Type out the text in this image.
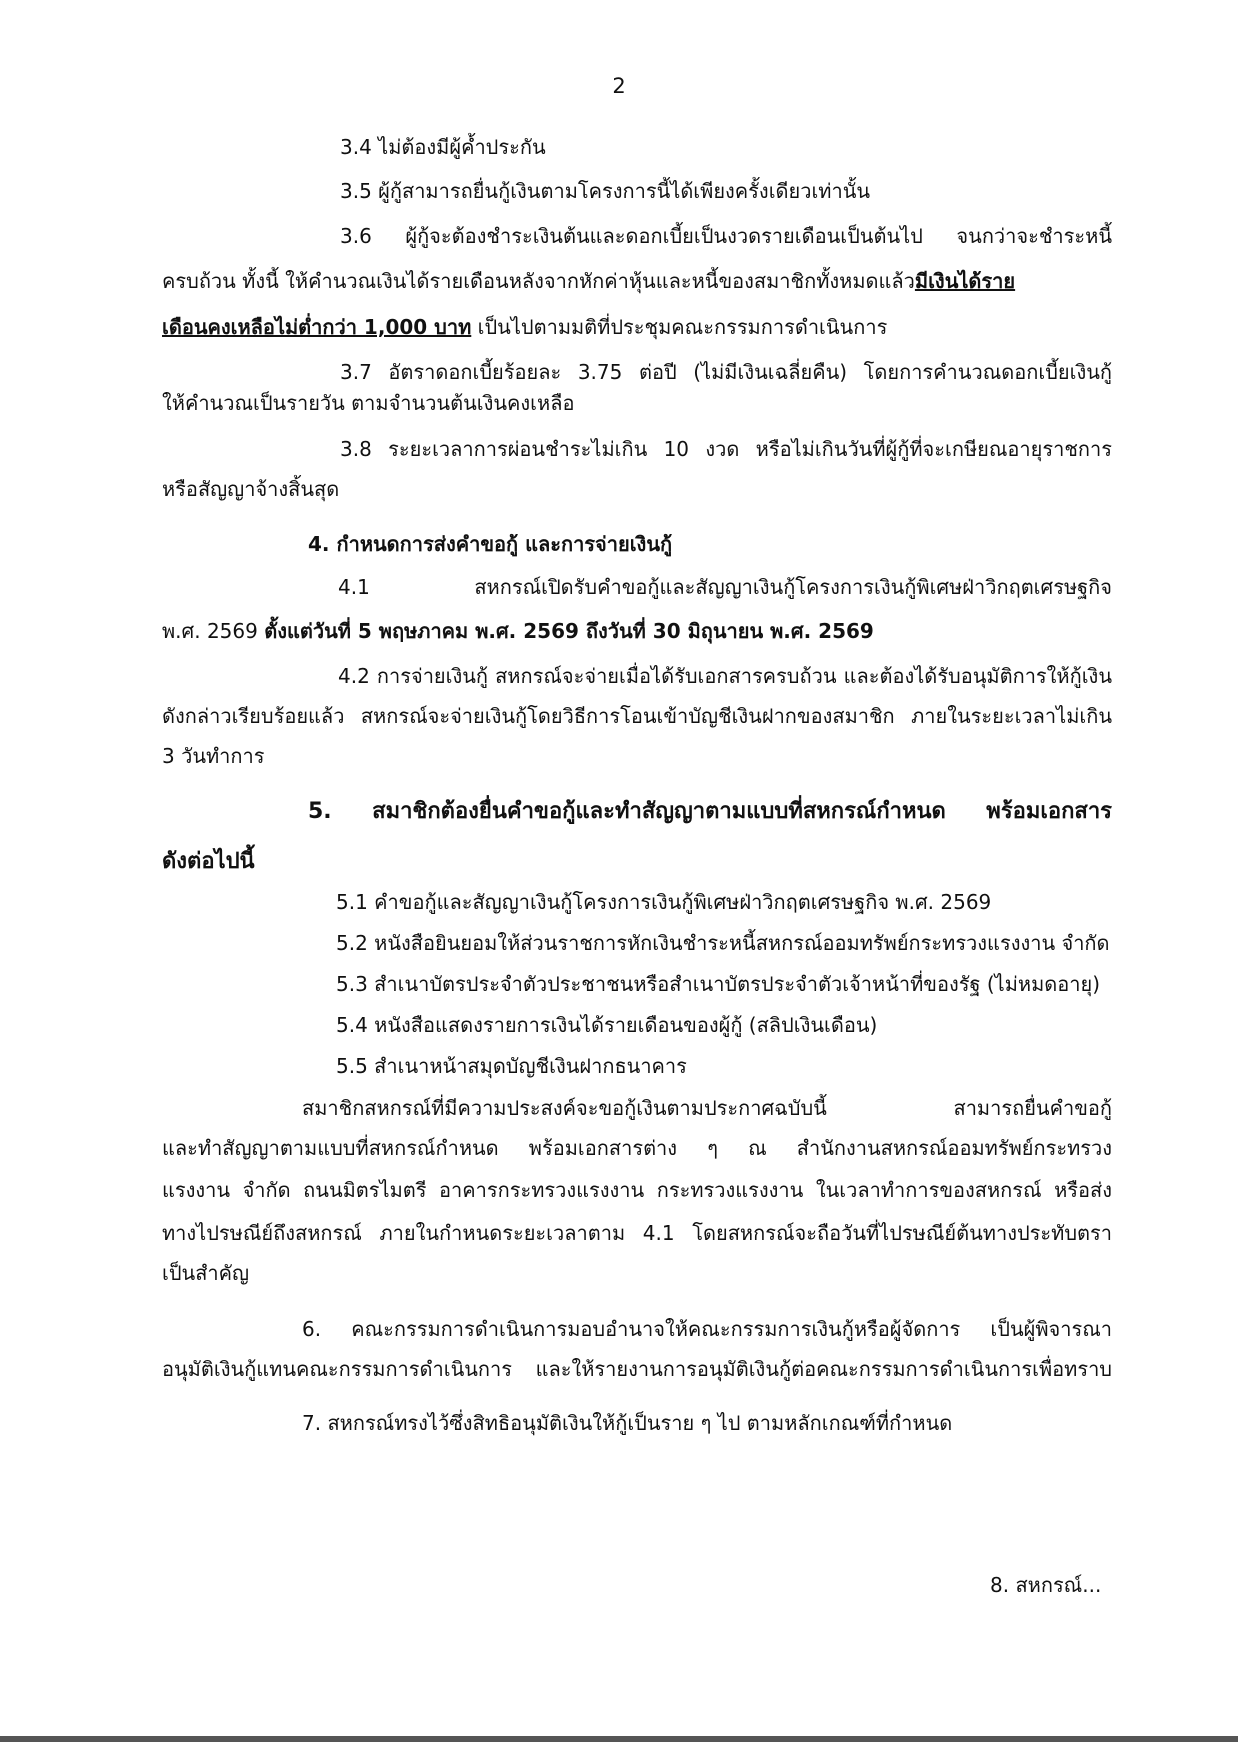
2
3.4 ไม่ต้องมีผู้ค้ำประกัน
3.5 ผู้กู้สามารถยื่นกู้เงินตามโครงการนี้ได้เพียงครั้งเดียวเท่านั้น
3.6 ผู้กู้จะต้องชำระเงินต้นและดอกเบี้ยเป็นงวดรายเดือนเป็นต้นไป จนกว่าจะชำระหนี้
ครบถ้วน ทั้งนี้ ให้คำนวณเงินได้รายเดือนหลังจากหักค่าหุ้นและหนี้ของสมาชิกทั้งหมดแล้วมีเงินได้ราย
เดือนคงเหลือไม่ต่ำกว่า 1,000 บาท เป็นไปตามมติที่ประชุมคณะกรรมการดำเนินการ
3.7 อัตราดอกเบี้ยร้อยละ 3.75 ต่อปี (ไม่มีเงินเฉลี่ยคืน) โดยการคำนวณดอกเบี้ยเงินกู้
ให้คำนวณเป็นรายวัน ตามจำนวนต้นเงินคงเหลือ
3.8 ระยะเวลาการผ่อนชำระไม่เกิน 10 งวด หรือไม่เกินวันที่ผู้กู้ที่จะเกษียณอายุราชการ
หรือสัญญาจ้างสิ้นสุด
4. กำหนดการส่งคำขอกู้ และการจ่ายเงินกู้
4.1 สหกรณ์เปิดรับคำขอกู้และสัญญาเงินกู้โครงการเงินกู้พิเศษฝ่าวิกฤตเศรษฐกิจ
พ.ศ. 2569 ตั้งแต่วันที่ 5 พฤษภาคม พ.ศ. 2569 ถึงวันที่ 30 มิถุนายน พ.ศ. 2569
4.2 การจ่ายเงินกู้ สหกรณ์จะจ่ายเมื่อได้รับเอกสารครบถ้วน และต้องได้รับอนุมัติการให้กู้เงิน
ดังกล่าวเรียบร้อยแล้ว สหกรณ์จะจ่ายเงินกู้โดยวิธีการโอนเข้าบัญชีเงินฝากของสมาชิก ภายในระยะเวลาไม่เกิน
3 วันทำการ
5. สมาชิกต้องยื่นคำขอกู้และทำสัญญาตามแบบที่สหกรณ์กำหนด พร้อมเอกสาร
ดังต่อไปนี้
5.1 คำขอกู้และสัญญาเงินกู้โครงการเงินกู้พิเศษฝ่าวิกฤตเศรษฐกิจ พ.ศ. 2569
5.2 หนังสือยินยอมให้ส่วนราชการหักเงินชำระหนี้สหกรณ์ออมทรัพย์กระทรวงแรงงาน จำกัด
5.3 สำเนาบัตรประจำตัวประชาชนหรือสำเนาบัตรประจำตัวเจ้าหน้าที่ของรัฐ (ไม่หมดอายุ)
5.4 หนังสือแสดงรายการเงินได้รายเดือนของผู้กู้ (สลิปเงินเดือน)
5.5 สำเนาหน้าสมุดบัญชีเงินฝากธนาคาร
สมาชิกสหกรณ์ที่มีความประสงค์จะขอกู้เงินตามประกาศฉบับนี้ สามารถยื่นคำขอกู้
และทำสัญญาตามแบบที่สหกรณ์กำหนด พร้อมเอกสารต่าง ๆ ณ สำนักงานสหกรณ์ออมทรัพย์กระทรวง
แรงงาน จำกัด ถนนมิตรไมตรี อาคารกระทรวงแรงงาน กระทรวงแรงงาน ในเวลาทำการของสหกรณ์ หรือส่ง
ทางไปรษณีย์ถึงสหกรณ์ ภายในกำหนดระยะเวลาตาม 4.1 โดยสหกรณ์จะถือวันที่ไปรษณีย์ต้นทางประทับตรา
เป็นสำคัญ
6. คณะกรรมการดำเนินการมอบอำนาจให้คณะกรรมการเงินกู้หรือผู้จัดการ เป็นผู้พิจารณา
อนุมัติเงินกู้แทนคณะกรรมการดำเนินการ และให้รายงานการอนุมัติเงินกู้ต่อคณะกรรมการดำเนินการเพื่อทราบ
7. สหกรณ์ทรงไว้ซึ่งสิทธิอนุมัติเงินให้กู้เป็นราย ๆ ไป ตามหลักเกณฑ์ที่กำหนด
8. สหกรณ์...
